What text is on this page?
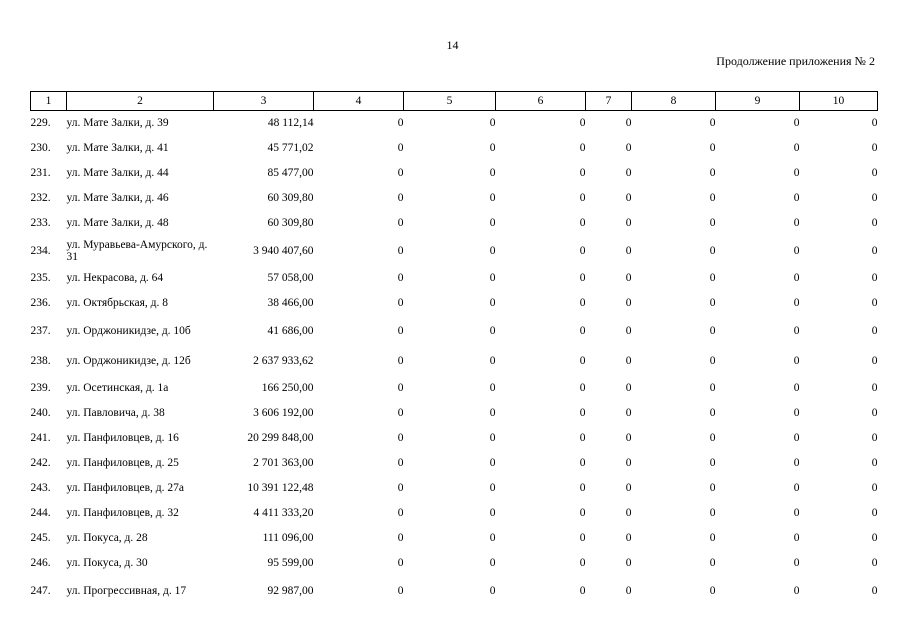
14
Продолжение приложения № 2
1	2	3	4	5	6	7	8	9	10
229.	ул. Мате Залки, д. 39	48 112,14	0	0	0	0	0	0	0
230.	ул. Мате Залки, д. 41	45 771,02	0	0	0	0	0	0	0
231.	ул. Мате Залки, д. 44	85 477,00	0	0	0	0	0	0	0
232.	ул. Мате Залки, д. 46	60 309,80	0	0	0	0	0	0	0
233.	ул. Мате Залки, д. 48	60 309,80	0	0	0	0	0	0	0
234.	ул. Муравьева-Амурского, д. 31	3 940 407,60	0	0	0	0	0	0	0
235.	ул. Некрасова, д. 64	57 058,00	0	0	0	0	0	0	0
236.	ул. Октябрьская, д. 8	38 466,00	0	0	0	0	0	0	0
237.	ул. Орджоникидзе, д. 10б	41 686,00	0	0	0	0	0	0	0
238.	ул. Орджоникидзе, д. 12б	2 637 933,62	0	0	0	0	0	0	0
239.	ул. Осетинская, д. 1а	166 250,00	0	0	0	0	0	0	0
240.	ул. Павловича, д. 38	3 606 192,00	0	0	0	0	0	0	0
241.	ул. Панфиловцев, д. 16	20 299 848,00	0	0	0	0	0	0	0
242.	ул. Панфиловцев, д. 25	2 701 363,00	0	0	0	0	0	0	0
243.	ул. Панфиловцев, д. 27а	10 391 122,48	0	0	0	0	0	0	0
244.	ул. Панфиловцев, д. 32	4 411 333,20	0	0	0	0	0	0	0
245.	ул. Покуса, д. 28	111 096,00	0	0	0	0	0	0	0
246.	ул. Покуса, д. 30	95 599,00	0	0	0	0	0	0	0
247.	ул. Прогрессивная, д. 17	92 987,00	0	0	0	0	0	0	0
